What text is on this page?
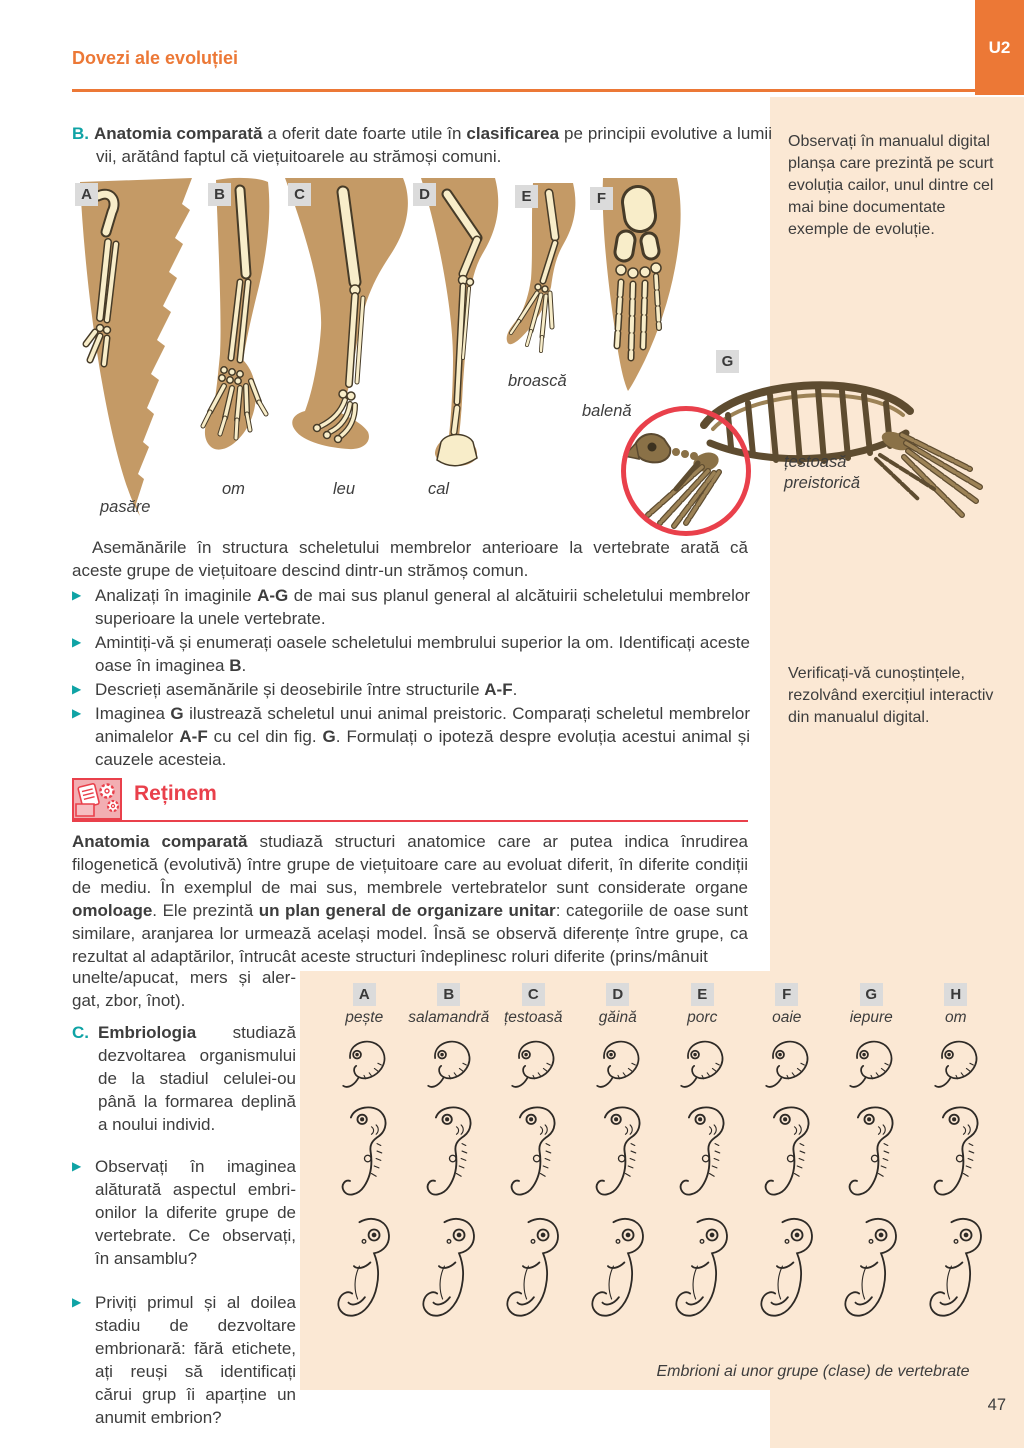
U2
Dovezi ale evoluției

Observați în manualul digital planșa care prezintă pe scurt evoluția cailor, unul dintre cel mai bine documentate exemple de evoluție.

Verificați-vă cunoștințele, rezolvând exercițiul interactiv din manualul digital.

B. Anatomia comparată a oferit date foarte utile în clasificarea pe principii evolutive a lumii vii, arătând faptul că viețuitoarele au strămoși comuni.

A	B	C	D	E	F
G
pasăre
om	leu	cal
broască
balenă
țestoasă preistorică

Asemănările în structura scheletului membrelor anterioare la vertebrate arată că aceste grupe de viețuitoare descind dintr-un strămoș comun.

▶ Analizați în imaginile A-G de mai sus planul general al alcătuirii scheletului membrelor superioare la unele vertebrate.

▶ Amintiți-vă și enumerați oasele scheletului membrului superior la om. Identificați aceste oase în imaginea B.

▶ Descrieți asemănările și deosebirile între structurile A-F.

▶ Imaginea G ilustrează scheletul unui animal preistoric. Comparați scheletul membrelor animalelor A-F cu cel din fig. G. Formulați o ipoteză despre evoluția acestui animal și cauzele acesteia.

Reținem

Anatomia comparată studiază structuri anatomice care ar putea indica înrudirea filogenetică (evolutivă) între grupe de viețuitoare care au evoluat diferit, în diferite condiții de mediu. În exemplul de mai sus, membrele vertebratelor sunt considerate organe omoloage. Ele prezintă un plan general de organizare unitar: categoriile de oase sunt similare, aranjarea lor urmează același model. Însă se observă diferențe între grupe, ca rezultat al adaptărilor, întrucât aceste structuri îndeplinesc roluri diferite (prins/mânuit

unelte/apucat, mers și alergat, zbor, înot).

C. Embriologia studiază dezvoltarea organismului de la stadiul celulei-ou până la formarea deplină a noului individ.

▶ Observați în imaginea alăturată aspectul embrionilor la diferite grupe de vertebrate. Ce observați, în ansamblu?

▶ Priviți primul și al doilea stadiu de dezvoltare embrionară: fără etichete, ați reuși să identificați cărui grup îi aparține un anumit embrion?

A
pește
B
salamandră
C
țestoasă
D
găină
E
porc
F
oaie
G
iepure
H
om

Embrioni ai unor grupe (clase) de vertebrate

47
